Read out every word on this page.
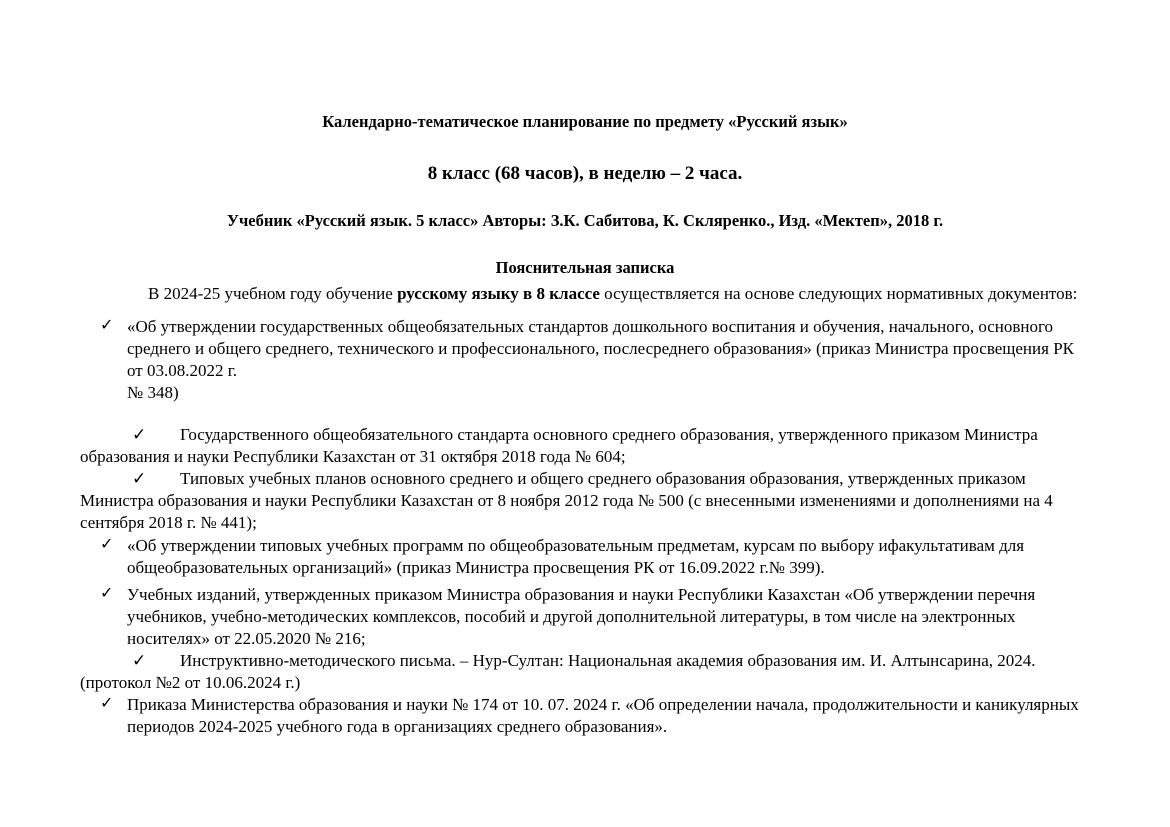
Календарно-тематическое планирование по предмету «Русский язык»
8 класс (68 часов), в неделю – 2 часа.
Учебник «Русский язык. 5 класс» Авторы: З.К. Сабитова, К. Скляренко., Изд. «Мектеп», 2018 г.
Пояснительная записка

В 2024-25 учебном году обучение русскому языку в 8 классе осуществляется на основе следующих нормативных документов:

✓ «Об утверждении государственных общеобязательных стандартов дошкольного воспитания и обучения, начального, основного среднего и общего среднего, технического и профессионального, послесреднего образования» (приказ Министра просвещения РК от 03.08.2022 г.

№ 348)

✓ Государственного общеобязательного стандарта основного среднего образования, утвержденного приказом Министра образования и науки Республики Казахстан от 31 октября 2018 года № 604;

✓ Типовых учебных планов основного среднего и общего среднего образования образования, утвержденных приказом Министра образования и науки Республики Казахстан от 8 ноября 2012 года № 500 (с внесенными изменениями и дополнениями на 4 сентября 2018 г. № 441);

✓ «Об утверждении типовых учебных программ по общеобразовательным предметам, курсам по выбору ифакультативам для общеобразовательных организаций» (приказ Министра просвещения РК от 16.09.2022 г.№ 399).

✓ Учебных изданий, утвержденных приказом Министра образования и науки Республики Казахстан «Об утверждении перечня учебников, учебно-методических комплексов, пособий и другой дополнительной литературы, в том числе на электронных носителях» от 22.05.2020 № 216;

✓ Инструктивно-методического письма. – Нур-Султан: Национальная академия образования им. И. Алтынсарина, 2024. (протокол №2 от 10.06.2024 г.)

✓ Приказа Министерства образования и науки № 174 от 10. 07. 2024 г. «Об определении начала, продолжительности и каникулярных периодов 2024-2025 учебного года в организациях среднего образования».
